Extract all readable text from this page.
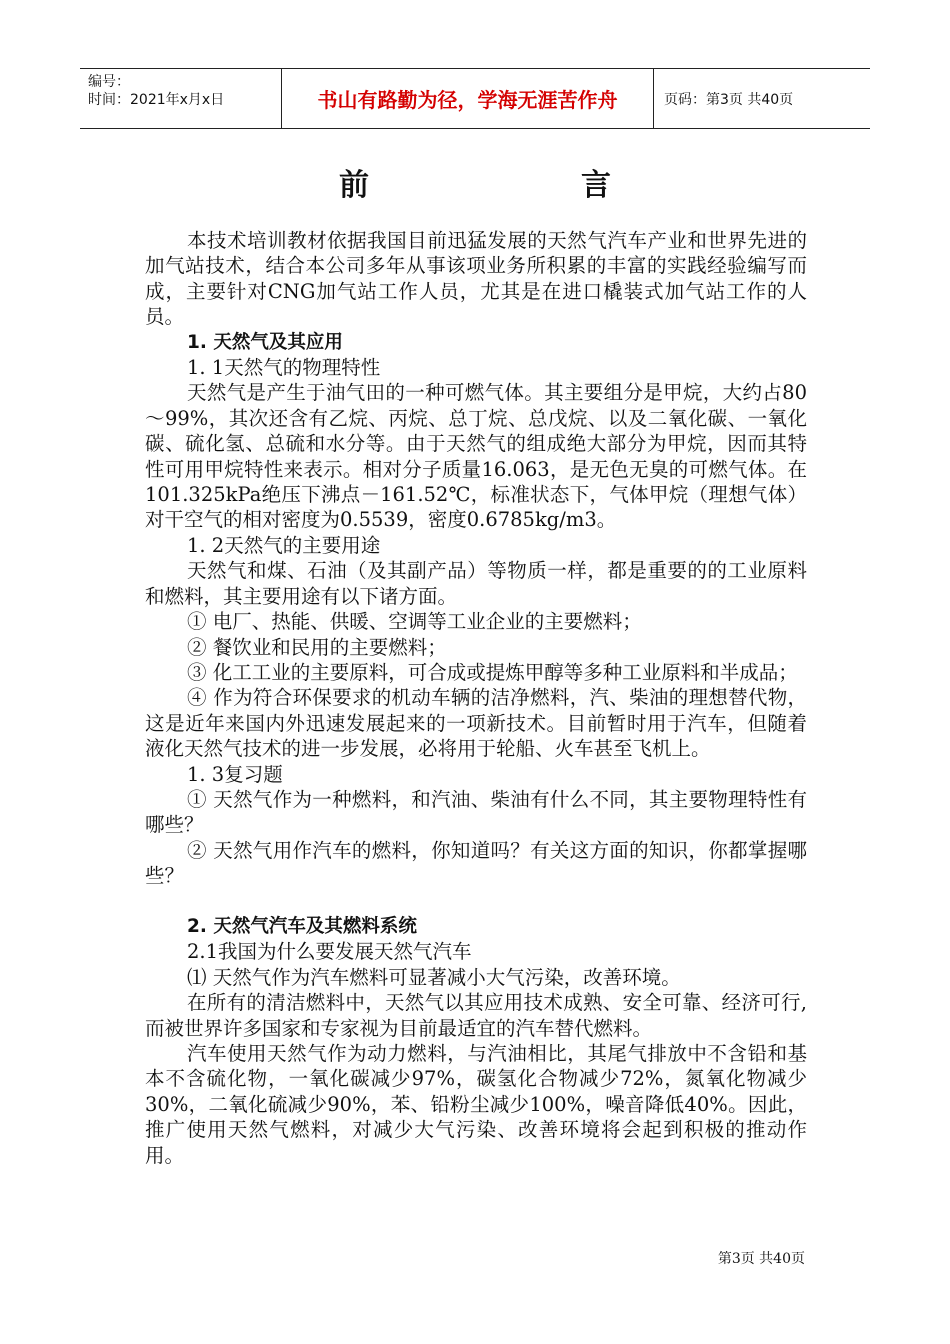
编号：
时间：2021年x月x日	书山有路勤为径，学海无涯苦作舟	页码：第3页 共40页
前	言

本技术培训教材依据我国目前迅猛发展的天然气汽车产业和世界先进的加气站技术，结合本公司多年从事该项业务所积累的丰富的实践经验编写而成，主要针对CNG加气站工作人员，尤其是在进口橇装式加气站工作的人员。

1. 天然气及其应用

1. 1天然气的物理特性

天然气是产生于油气田的一种可燃气体。其主要组分是甲烷，大约占80～99%，其次还含有乙烷、丙烷、总丁烷、总戊烷、以及二氧化碳、一氧化碳、硫化氢、总硫和水分等。由于天然气的组成绝大部分为甲烷，因而其特性可用甲烷特性来表示。相对分子质量16.063，是无色无臭的可燃气体。在101.325kPa绝压下沸点－161.52℃，标准状态下，气体甲烷（理想气体）对干空气的相对密度为0.5539，密度0.6785kg/m3。

1. 2天然气的主要用途

天然气和煤、石油（及其副产品）等物质一样，都是重要的的工业原料和燃料，其主要用途有以下诸方面。

① 电厂、热能、供暖、空调等工业企业的主要燃料；

② 餐饮业和民用的主要燃料；

③ 化工工业的主要原料，可合成或提炼甲醇等多种工业原料和半成品；

④ 作为符合环保要求的机动车辆的洁净燃料，汽、柴油的理想替代物，这是近年来国内外迅速发展起来的一项新技术。目前暂时用于汽车，但随着液化天然气技术的进一步发展，必将用于轮船、火车甚至飞机上。

1. 3复习题

① 天然气作为一种燃料，和汽油、柴油有什么不同，其主要物理特性有哪些？

② 天然气用作汽车的燃料，你知道吗？有关这方面的知识，你都掌握哪些？

2. 天然气汽车及其燃料系统

2.1我国为什么要发展天然气汽车

⑴ 天然气作为汽车燃料可显著减小大气污染，改善环境。

在所有的清洁燃料中，天然气以其应用技术成熟、安全可靠、经济可行,而被世界许多国家和专家视为目前最适宜的汽车替代燃料。

汽车使用天然气作为动力燃料，与汽油相比，其尾气排放中不含铅和基本不含硫化物，一氧化碳减少97%，碳氢化合物减少72%，氮氧化物减少30%，二氧化硫减少90%，苯、铅粉尘减少100%，噪音降低40%。因此，推广使用天然气燃料，对减少大气污染、改善环境将会起到积极的推动作用。

第3页 共40页
